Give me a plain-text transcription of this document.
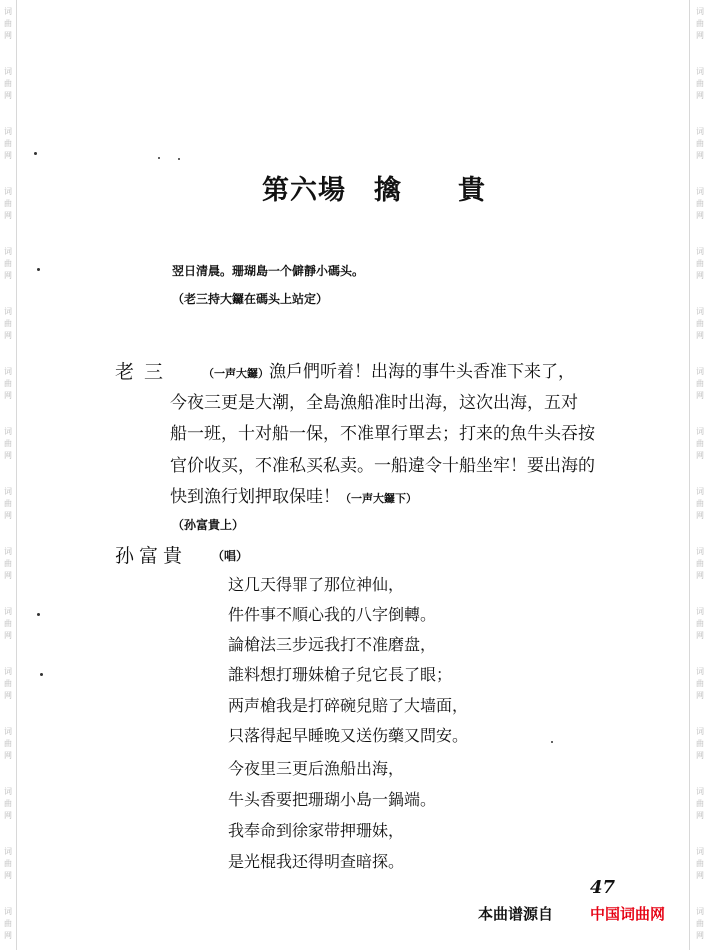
词
曲
网
词
曲
网
词
曲
网
词
曲
网
词
曲
网
词
曲
网
词
曲
网
词
曲
网
词
曲
网
词
曲
网
词
曲
网
词
曲
网
词
曲
网
词
曲
网
词
曲
网
词
曲
网
词
曲
网
词
曲
网
词
曲
网
词
曲
网
词
曲
网
词
曲
网
词
曲
网
词
曲
网
词
曲
网
词
曲
网
词
曲
网
词
曲
网
词
曲
网
词
曲
网
词
曲
网
词
曲
网
第六場　擒　　貴
翌日清晨。珊瑚島一个僻靜小碼头。
（老三持大鑼在碼头上站定）
老三	（一声大鑼）漁戶們听着！出海的事牛头香准下来了，
今夜三更是大潮，全島漁船准时出海，这次出海，五对
船一班，十对船一保，不准單行單去；打来的魚牛头吞按
官价收买，不准私买私卖。一船違令十船坐牢！要出海的
快到漁行划押取保哇！（一声大鑼下）
（孙富貴上）
孙富貴 （唱）
这几天得罪了那位神仙，
件件事不順心我的八字倒轉。
論槍法三步远我打不准磨盘，
誰料想打珊妹槍子兒它長了眼；
两声槍我是打碎碗兒賠了大墙面，
只落得起早睡晚又送伤藥又問安。
今夜里三更后漁船出海，
牛头香要把珊瑚小島一鍋端。
我奉命到徐家带押珊妹，
是光棍我还得明查暗探。
47
本曲谱源自 中国词曲网
